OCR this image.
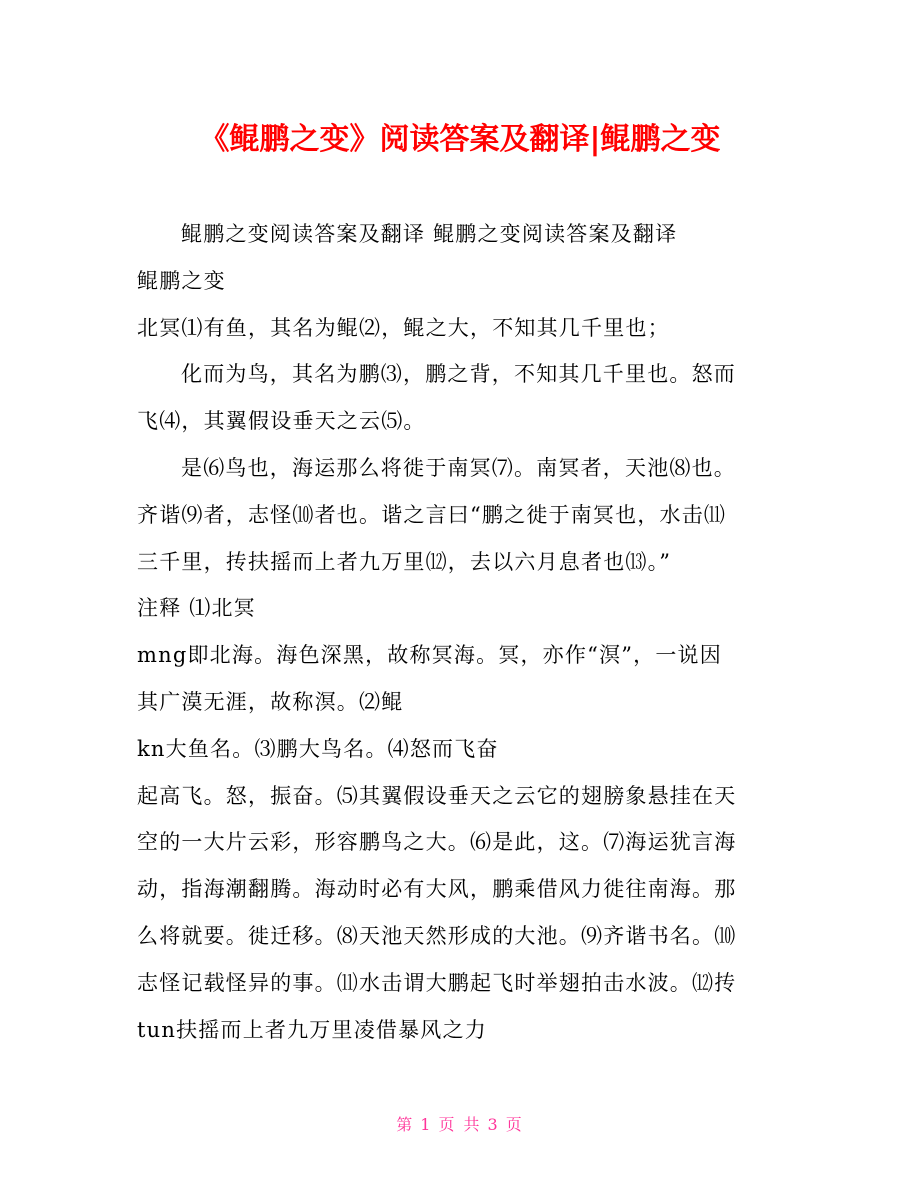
《鲲鹏之变》阅读答案及翻译|鲲鹏之变
鲲鹏之变阅读答案及翻译 鲲鹏之变阅读答案及翻译
鲲鹏之变
北冥⑴有鱼，其名为鲲⑵，鲲之大，不知其几千里也；
化而为鸟，其名为鹏⑶，鹏之背，不知其几千里也。怒而
飞⑷，其翼假设垂天之云⑸。
是⑹鸟也，海运那么将徙于南冥⑺。南冥者，天池⑻也。
齐谐⑼者，志怪⑽者也。谐之言曰“鹏之徙于南冥也，水击⑾
三千里，抟扶摇而上者九万里⑿，去以六月息者也⒀。”
注释 ⑴北冥
mng即北海。海色深黑，故称冥海。冥，亦作“溟”，一说因
其广漠无涯，故称溟。⑵鲲
kn大鱼名。⑶鹏大鸟名。⑷怒而飞奋
起高飞。怒，振奋。⑸其翼假设垂天之云它的翅膀象悬挂在天
空的一大片云彩，形容鹏鸟之大。⑹是此，这。⑺海运犹言海
动，指海潮翻腾。海动时必有大风，鹏乘借风力徙往南海。那
么将就要。徙迁移。⑻天池天然形成的大池。⑼齐谐书名。⑽
志怪记载怪异的事。⑾水击谓大鹏起飞时举翅拍击水波。⑿抟
tun扶摇而上者九万里凌借暴风之力
第 1 页 共 3 页
